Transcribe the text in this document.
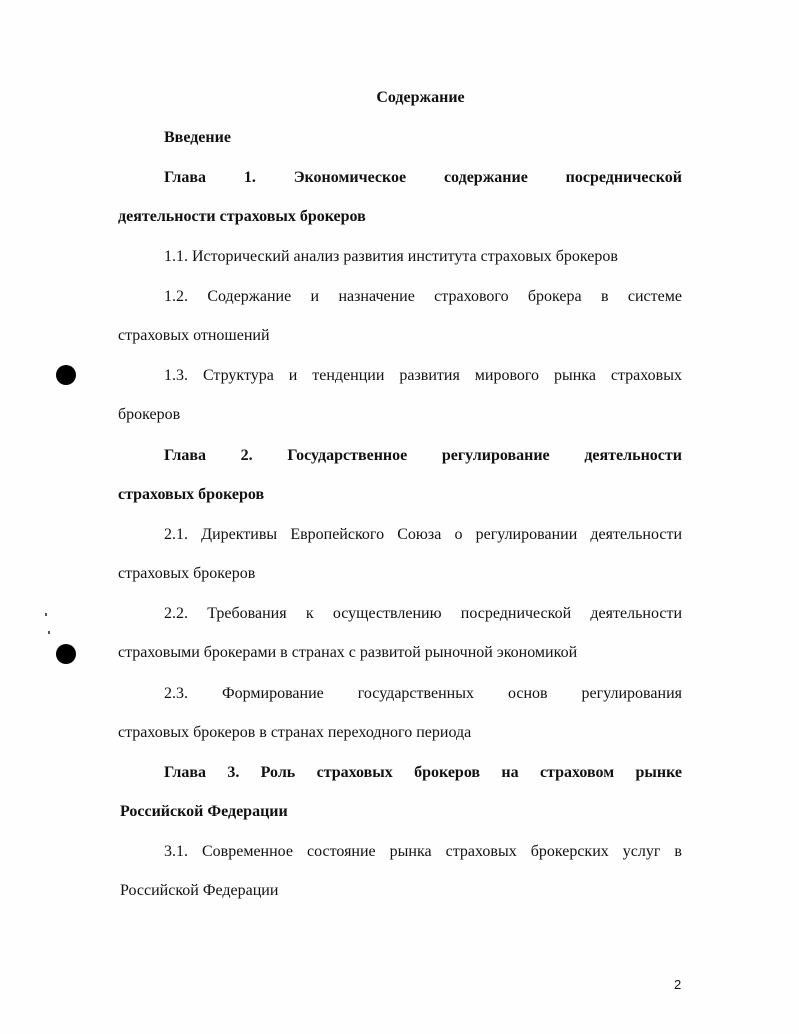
Содержание
Введение
Глава 1. Экономическое содержание посреднической
деятельности страховых брокеров
1.1. Исторический анализ развития института страховых брокеров
1.2. Содержание и назначение страхового брокера в системе
страховых отношений
1.3. Структура и тенденции развития мирового рынка страховых
брокеров
Глава 2. Государственное регулирование деятельности
страховых брокеров
2.1. Директивы Европейского Союза о регулировании деятельности
страховых брокеров
2.2. Требования к осуществлению посреднической деятельности
страховыми брокерами в странах с развитой рыночной экономикой
2.3. Формирование государственных основ регулирования
страховых брокеров в странах переходного периода
Глава 3. Роль страховых брокеров на страховом рынке
Российской Федерации
3.1. Современное состояние рынка страховых брокерских услуг в
Российской Федерации
2
